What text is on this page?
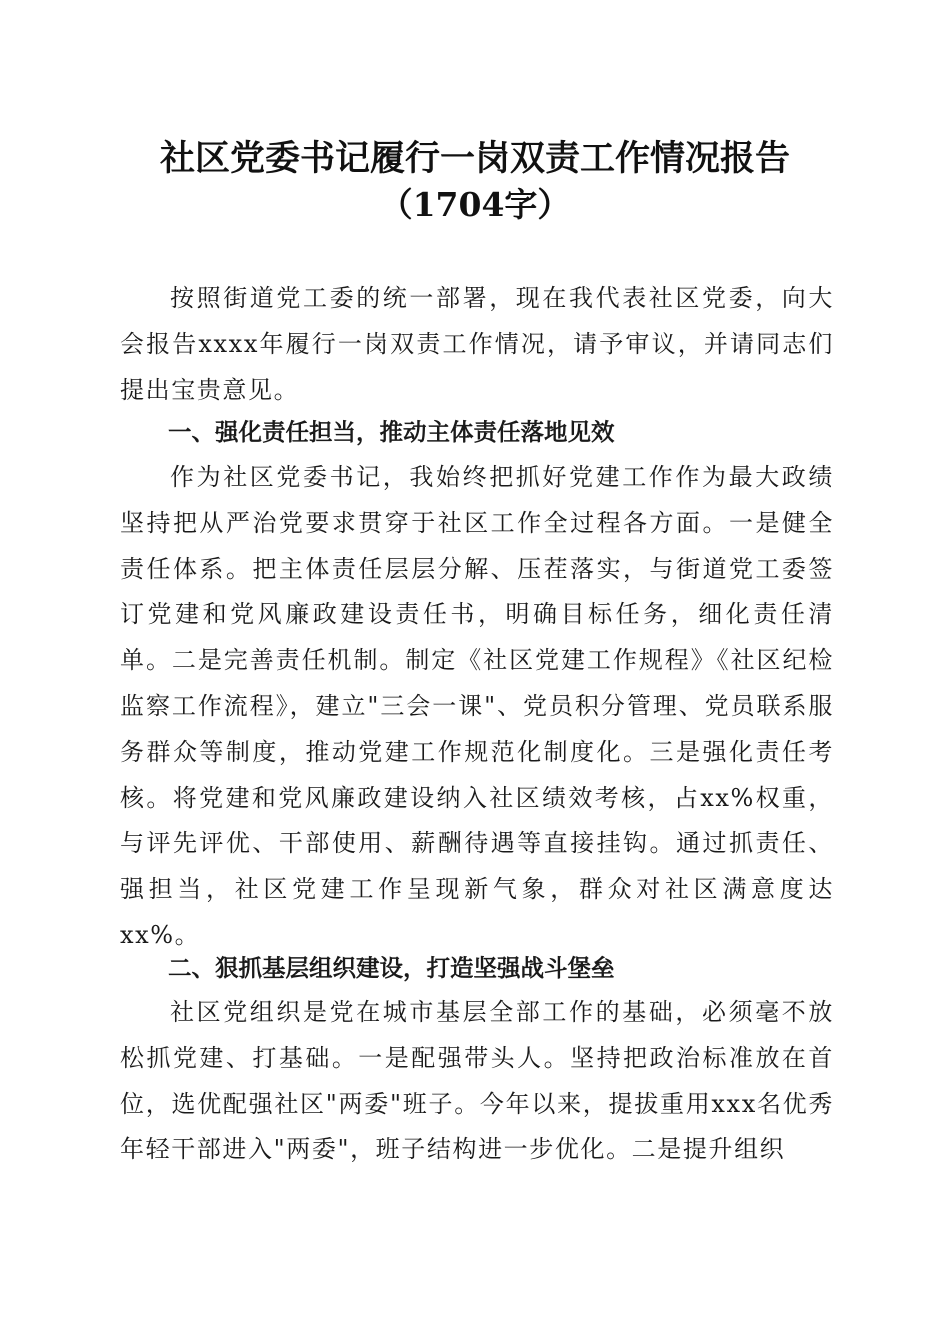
社区党委书记履行一岗双责工作情况报告
（1704字）

按照街道党工委的统一部署，现在我代表社区党委，向大会报告xxxx年履行一岗双责工作情况，请予审议，并请同志们提出宝贵意见。

一、强化责任担当，推动主体责任落地见效

作为社区党委书记，我始终把抓好党建工作作为最大政绩坚持把从严治党要求贯穿于社区工作全过程各方面。一是健全责任体系。把主体责任层层分解、压茬落实，与街道党工委签订党建和党风廉政建设责任书，明确目标任务，细化责任清单。二是完善责任机制。制定《社区党建工作规程》《社区纪检监察工作流程》，建立"三会一课"、党员积分管理、党员联系服务群众等制度，推动党建工作规范化制度化。三是强化责任考核。将党建和党风廉政建设纳入社区绩效考核，占xx%权重，与评先评优、干部使用、薪酬待遇等直接挂钩。通过抓责任、强担当，社区党建工作呈现新气象，群众对社区满意度达xx%。

二、狠抓基层组织建设，打造坚强战斗堡垒

社区党组织是党在城市基层全部工作的基础，必须毫不放松抓党建、打基础。一是配强带头人。坚持把政治标准放在首位，选优配强社区"两委"班子。今年以来，提拔重用xxx名优秀年轻干部进入"两委"，班子结构进一步优化。二是提升组织
